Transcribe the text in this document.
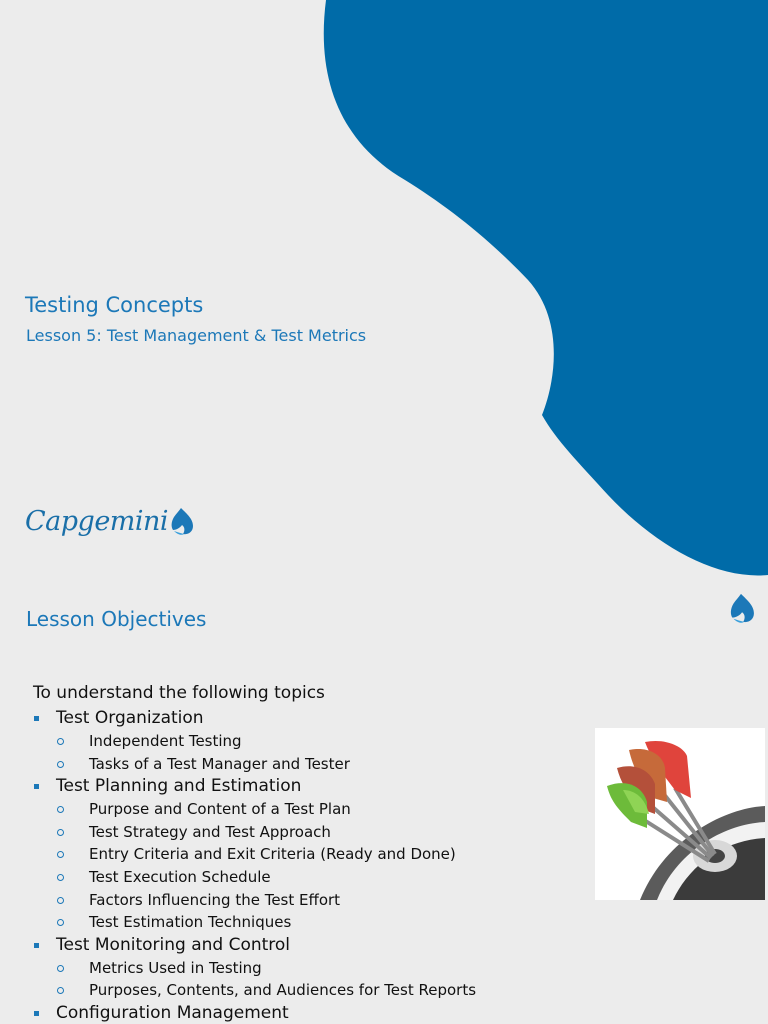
Testing Concepts
Lesson 5: Test Management & Test Metrics
Capgemini
Lesson Objectives

To understand the following topics

Test Organization
Independent Testing
Tasks of a Test Manager and Tester
Test Planning and Estimation
Purpose and Content of a Test Plan
Test Strategy and Test Approach
Entry Criteria and Exit Criteria (Ready and Done)
Test Execution Schedule
Factors Influencing the Test Effort
Test Estimation Techniques
Test Monitoring and Control
Metrics Used in Testing
Purposes, Contents, and Audiences for Test Reports
Configuration Management
